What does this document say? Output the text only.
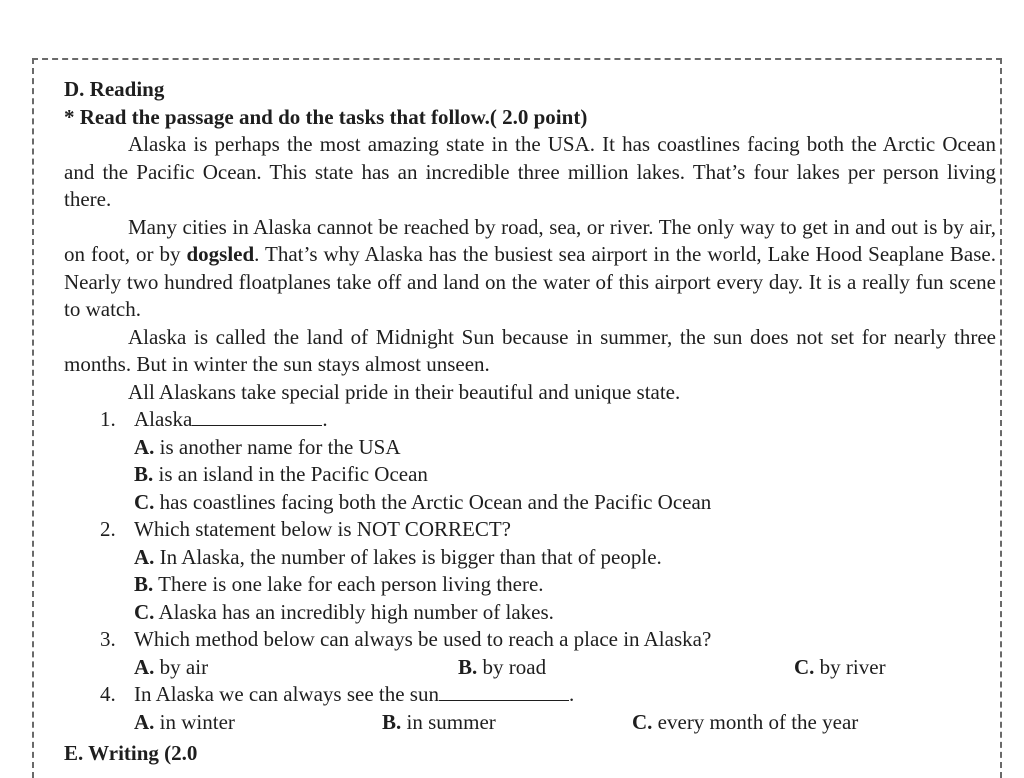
D. Reading

* Read the passage and do the tasks that follow.( 2.0 point)

Alaska is perhaps the most amazing state in the USA. It has coastlines facing both the Arctic Ocean and the Pacific Ocean. This state has an incredible three million lakes. That’s four lakes per person living there.

Many cities in Alaska cannot be reached by road, sea, or river. The only way to get in and out is by air, on foot, or by dogsled. That’s why Alaska has the busiest sea airport in the world, Lake Hood Seaplane Base. Nearly two hundred floatplanes take off and land on the water of this airport every day. It is a really fun scene to watch.

Alaska is called the land of Midnight Sun because in summer, the sun does not set for nearly three months. But in winter the sun stays almost unseen.

All Alaskans take special pride in their beautiful and unique state.

1. Alaska	.
A. is another name for the USA
B. is an island in the Pacific Ocean
C. has coastlines facing both the Arctic Ocean and the Pacific Ocean
2. Which statement below is NOT CORRECT?
A. In Alaska, the number of lakes is bigger than that of people.
B. There is one lake for each person living there.
C. Alaska has an incredibly high number of lakes.
3. Which method below can always be used to reach a place in Alaska?
A. by air	B. by road	C. by river
4. In Alaska we can always see the sun	.
A. in winter	B. in summer	C. every month of the year
E. Writing (2.0
